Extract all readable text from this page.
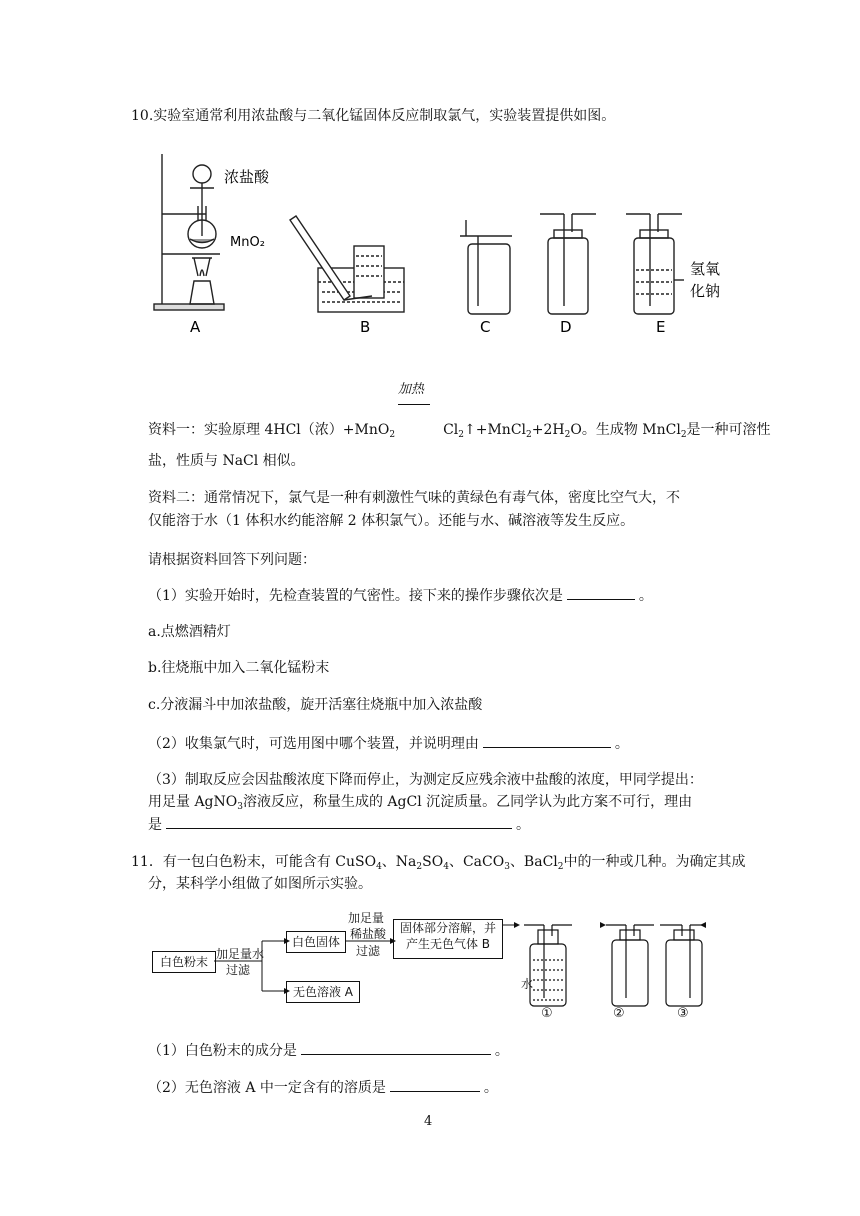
10.实验室通常利用浓盐酸与二氧化锰固体反应制取氯气，实验装置提供如图。
浓盐酸
MnO₂
氢氧
化钠
A	B	C	D	E
加热
资料一：实验原理 4HCl（浓）+MnO$_2$	$Cl_2↑+MnCl_2+2H_2O$。生成物 MnCl$_2$是一种可溶性
盐，性质与 NaCl 相似。
资料二：通常情况下，氯气是一种有刺激性气味的黄绿色有毒气体，密度比空气大，不
仅能溶于水（1 体积水约能溶解 2 体积氯气）。还能与水、碱溶液等发生反应。
请根据资料回答下列问题：
（1）实验开始时，先检查装置的气密性。接下来的操作步骤依次是	。
a.点燃酒精灯
b.往烧瓶中加入二氧化锰粉末
c.分液漏斗中加浓盐酸，旋开活塞往烧瓶中加入浓盐酸
（2）收集氯气时，可选用图中哪个装置，并说明理由	。
（3）制取反应会因盐酸浓度下降而停止，为测定反应残余液中盐酸的浓度，甲同学提出：
用足量 AgNO$_3$溶液反应，称量生成的 AgCl 沉淀质量。乙同学认为此方案不可行，理由
是	。
11．有一包白色粉末，可能含有 CuSO$_4$、$Na_2SO_4$、CaCO$_3$、BaCl$_2$中的一种或几种。为确定其成
分，某科学小组做了如图所示实验。
白色粉末
加足量水
过滤
白色固体
无色溶液 A
加足量
稀盐酸
过滤
固体部分溶解，并
产生无色气体 B
水
①	②	③
（1）白色粉末的成分是	。
（2）无色溶液 A 中一定含有的溶质是	。
4
